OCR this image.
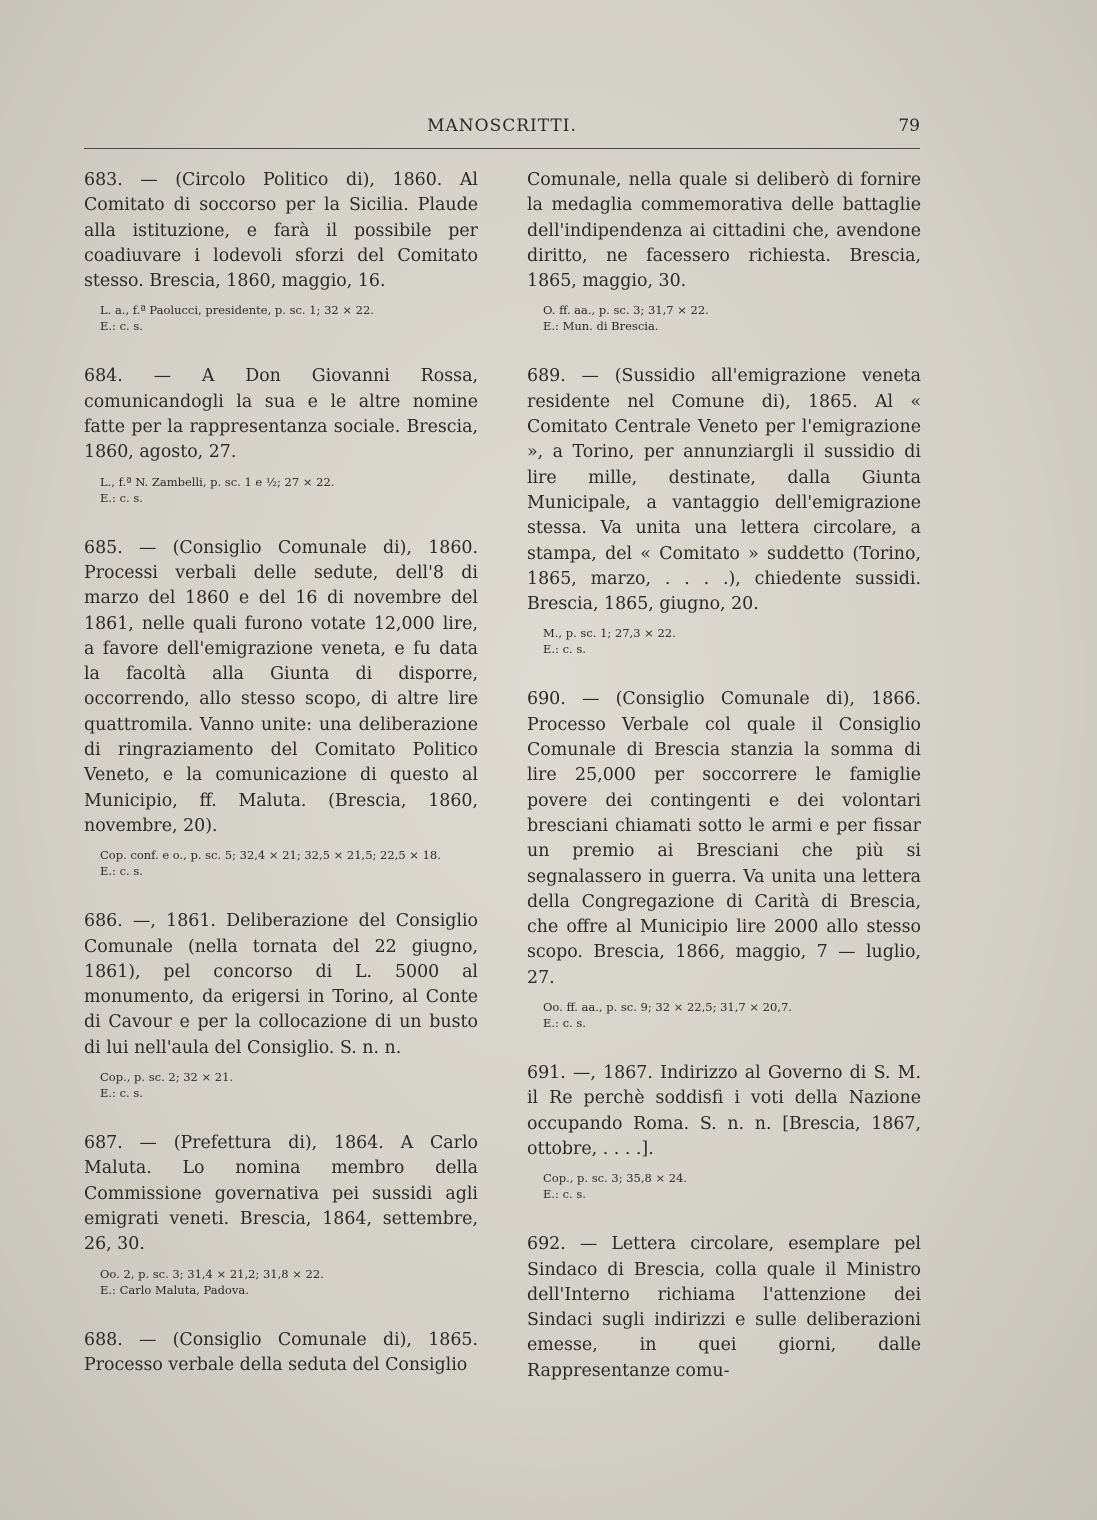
MANOSCRITTI.	79

683. — (Circolo Politico di), 1860. Al Comitato di soccorso per la Sicilia. Plaude alla istituzione, e farà il possibile per coadiuvare i lodevoli sforzi del Comitato stesso. Brescia, 1860, maggio, 16.

L. a., f.ª Paolucci, presidente, p. sc. 1; 32 × 22.
E.: c. s.

684. — A Don Giovanni Rossa, comunicandogli la sua e le altre nomine fatte per la rappresentanza sociale. Brescia, 1860, agosto, 27.

L., f.ª N. Zambelli, p. sc. 1 e ½; 27 × 22.
E.: c. s.

685. — (Consiglio Comunale di), 1860. Processi verbali delle sedute, dell'8 di marzo del 1860 e del 16 di novembre del 1861, nelle quali furono votate 12,000 lire, a favore dell'emigrazione veneta, e fu data la facoltà alla Giunta di disporre, occorrendo, allo stesso scopo, di altre lire quattromila. Vanno unite: una deliberazione di ringraziamento del Comitato Politico Veneto, e la comunicazione di questo al Municipio, ff. Maluta. (Brescia, 1860, novembre, 20).

Cop. conf. e o., p. sc. 5; 32,4 × 21; 32,5 × 21,5; 22,5 × 18.
E.: c. s.

686. —, 1861. Deliberazione del Consiglio Comunale (nella tornata del 22 giugno, 1861), pel concorso di L. 5000 al monumento, da erigersi in Torino, al Conte di Cavour e per la collocazione di un busto di lui nell'aula del Consiglio. S. n. n.

Cop., p. sc. 2; 32 × 21.
E.: c. s.

687. — (Prefettura di), 1864. A Carlo Maluta. Lo nomina membro della Commissione governativa pei sussidi agli emigrati veneti. Brescia, 1864, settembre, 26, 30.

Oo. 2, p. sc. 3; 31,4 × 21,2; 31,8 × 22.
E.: Carlo Maluta, Padova.

688. — (Consiglio Comunale di), 1865. Processo verbale della seduta del Consiglio

Comunale, nella quale si deliberò di fornire la medaglia commemorativa delle battaglie dell'indipendenza ai cittadini che, avendone diritto, ne facessero richiesta. Brescia, 1865, maggio, 30.

O. ff. aa., p. sc. 3; 31,7 × 22.
E.: Mun. di Brescia.

689. — (Sussidio all'emigrazione veneta residente nel Comune di), 1865. Al « Comitato Centrale Veneto per l'emigrazione », a Torino, per annunziargli il sussidio di lire mille, destinate, dalla Giunta Municipale, a vantaggio dell'emigrazione stessa. Va unita una lettera circolare, a stampa, del « Comitato » suddetto (Torino, 1865, marzo, . . . .), chiedente sussidi. Brescia, 1865, giugno, 20.

M., p. sc. 1; 27,3 × 22.
E.: c. s.

690. — (Consiglio Comunale di), 1866. Processo Verbale col quale il Consiglio Comunale di Brescia stanzia la somma di lire 25,000 per soccorrere le famiglie povere dei contingenti e dei volontari bresciani chiamati sotto le armi e per fissar un premio ai Bresciani che più si segnalassero in guerra. Va unita una lettera della Congregazione di Carità di Brescia, che offre al Municipio lire 2000 allo stesso scopo. Brescia, 1866, maggio, 7 — luglio, 27.

Oo. ff. aa., p. sc. 9; 32 × 22,5; 31,7 × 20,7.
E.: c. s.

691. —, 1867. Indirizzo al Governo di S. M. il Re perchè soddisfi i voti della Nazione occupando Roma. S. n. n. [Brescia, 1867, ottobre, . . . .].

Cop., p. sc. 3; 35,8 × 24.
E.: c. s.

692. — Lettera circolare, esemplare pel Sindaco di Brescia, colla quale il Ministro dell'Interno richiama l'attenzione dei Sindaci sugli indirizzi e sulle deliberazioni emesse, in quei giorni, dalle Rappresentanze comu-
